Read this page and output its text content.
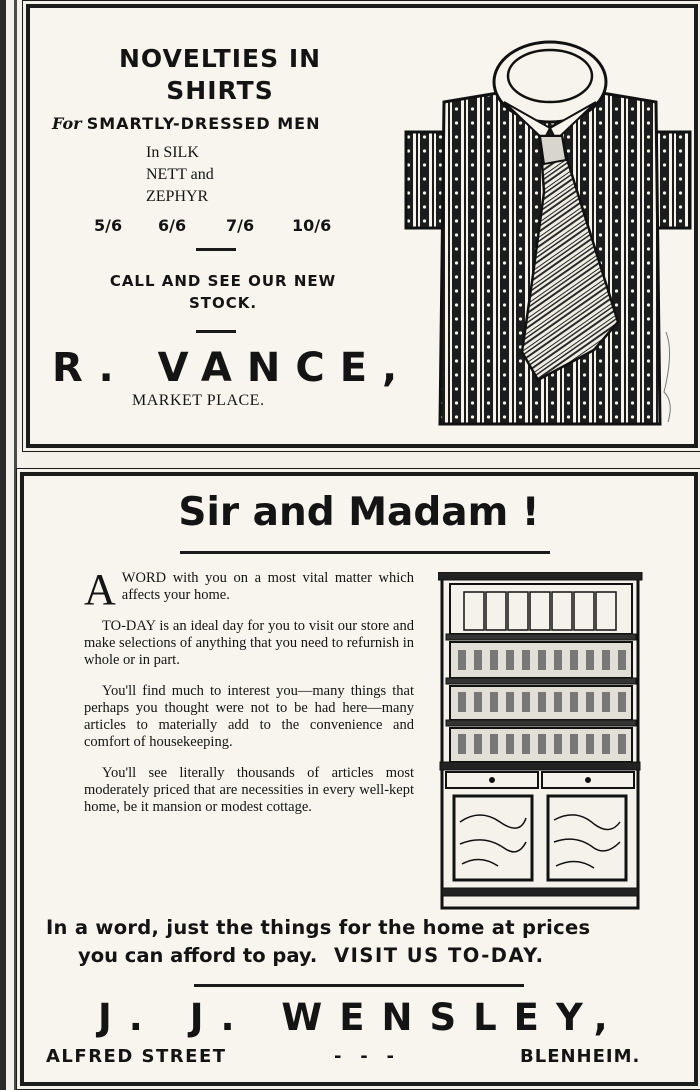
NOVELTIES IN
SHIRTS
For SMARTLY-DRESSED MEN
In SILK
NETT and
ZEPHYR
5/6 6/6 7/6 10/6
CALL AND SEE OUR NEW
STOCK.
R. VANCE,
MARKET PLACE.
Sir and Madam !

AWORD with you on a most vital matter which affects your home.

TO-DAY is an ideal day for you to visit our store and make selections of anything that you need to refurnish in whole or in part.

You'll find much to interest you—many things that perhaps you thought were not to be had here—many articles to materially add to the convenience and comfort of housekeeping.

You'll see literally thousands of articles most moderately priced that are necessities in every well-kept home, be it mansion or modest cottage.

In a word, just the things for the home at prices
you can afford to pay. VISIT US TO-DAY.
J. J. WENSLEY,
ALFRED STREET	-   -   -	BLENHEIM.
